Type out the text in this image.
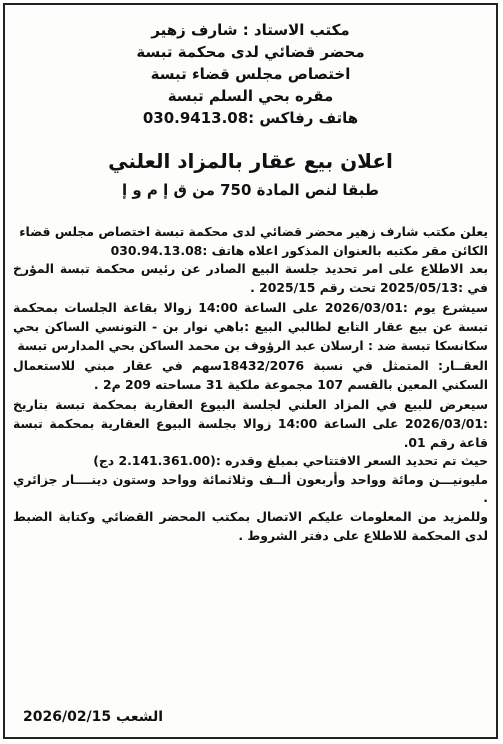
مكتب الاستاد : شارف زهير
محضر قضائي لدى محكمة تبسة
اختصاص مجلس قضاء تبسة
مقره بحي السلم تبسة
هاتف رفاكس :030.9413.08
اعلان بيع عقار بالمزاد العلني
طبقا لنص المادة 750 من ق إ م و إ

يعلن مكتب شارف زهير محضر قضائي لدى محكمة تبسة اختصاص مجلس قضاء

الكائن مقر مكتبه بالعنوان المذكور اعلاه هاتف :030.94.13.08

بعد الاطلاع على امر تحديد جلسة البيع الصادر عن رئيس محكمة تبسة المؤرخ في :2025/05/13 تحت رقم 2025/15 .

سيشرع يوم :2026/03/01 على الساعة 14:00 زوالا بقاعة الجلسات بمحكمة تبسة عن بيع عقار التابع لطالبي البيع :باهي نوار بن - التونسي الساكن بحي سكانسكا تبسة ضد : ارسلان عبد الرؤوف بن محمد الساكن بحي المدارس تبسة

العقــار: المتمثل في نسبة 18432/2076سهم في عقار مبني للاستعمال السكني المعين بالقسم 107 مجموعة ملكية 31 مساحته 209 م2 .

سيعرض للبيع في المزاد العلني لجلسة البيوع العقارية بمحكمة تبسة بتاريخ :2026/03/01 على الساعة 14:00 زوالا بجلسة البيوع العقارية بمحكمة تبسة قاعة رقم 01.

حيث تم تحديد السعر الافتتاحي بمبلغ وقدره :(2.141.361.00 دج)

مليونيـــن ومائة وواحد وأربعون ألــف وثلاثمائة وواحد وستون دينــــار جزائري .

وللمزيد من المعلومات عليكم الاتصال بمكتب المحضر القضائي وكتابة الضبط لدى المحكمة للاطلاع على دفتر الشروط .

الشعب 2026/02/15
